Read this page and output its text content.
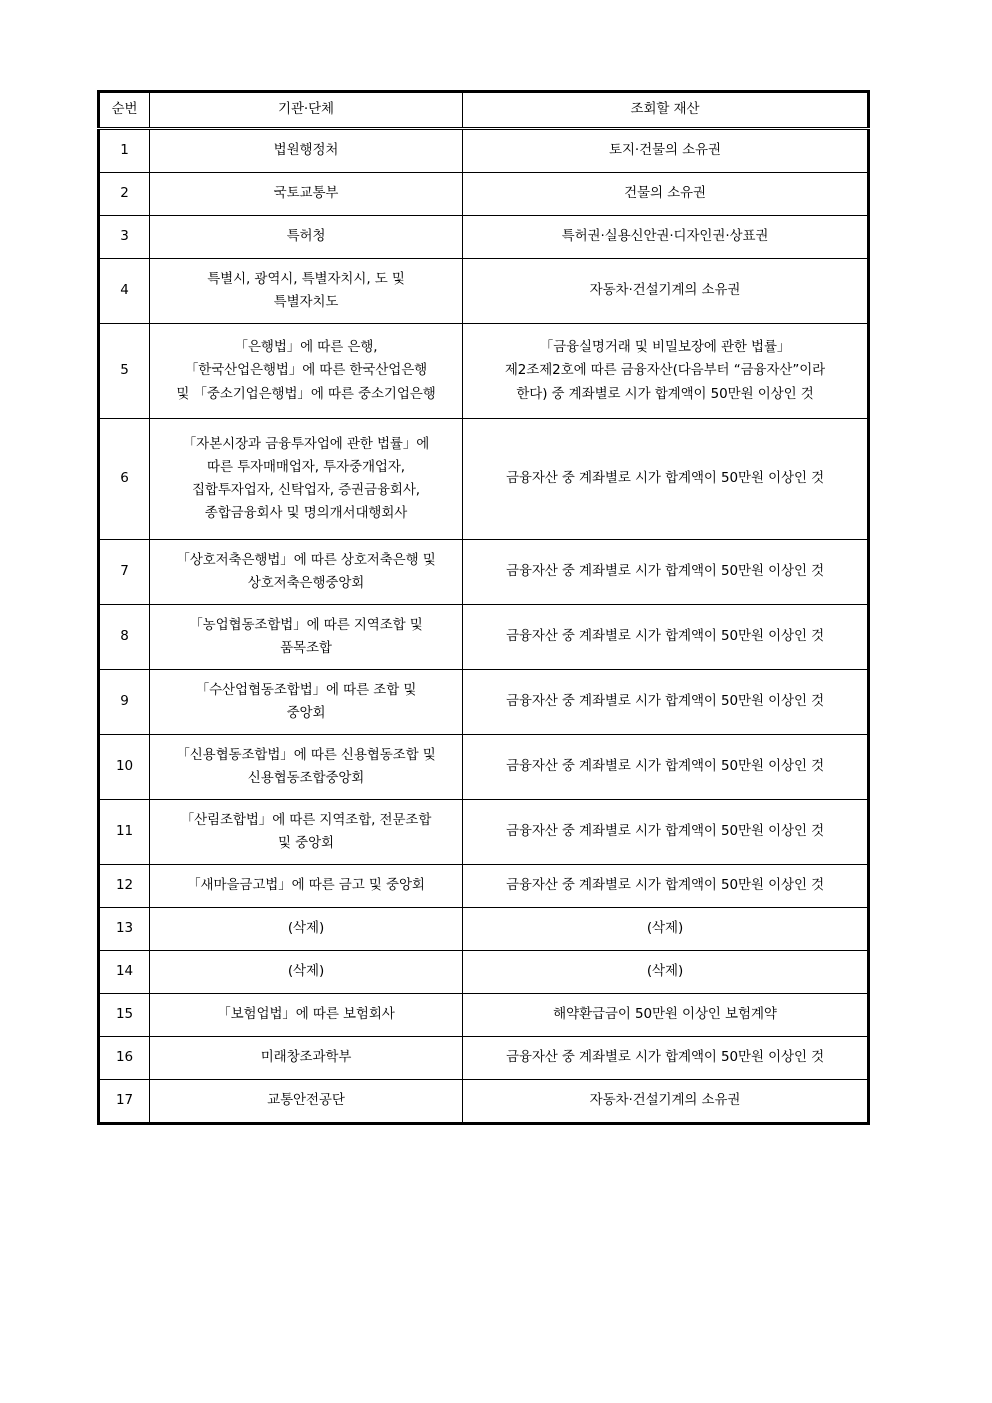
순번	기관·단체	조회할 재산
1	법원행정처	토지·건물의 소유권

2	국토교통부	건물의 소유권

3	특허청	특허권·실용신안권·디자인권·상표권

4	특별시, 광역시, 특별자치시, 도 및
특별자치도	자동차·건설기계의 소유권

5	「은행법」에 따른 은행,
「한국산업은행법」에 따른 한국산업은행
및 「중소기업은행법」에 따른 중소기업은행	「금융실명거래 및 비밀보장에 관한 법률」
제2조제2호에 따른 금융자산(다음부터 “금융자산”이라
한다) 중 계좌별로 시가 합계액이 50만원 이상인 것

6	「자본시장과 금융투자업에 관한 법률」에
따른 투자매매업자, 투자중개업자,
집합투자업자, 신탁업자, 증권금융회사,
종합금융회사 및 명의개서대행회사	금융자산 중 계좌별로 시가 합계액이 50만원 이상인 것

7	「상호저축은행법」에 따른 상호저축은행 및
상호저축은행중앙회	금융자산 중 계좌별로 시가 합계액이 50만원 이상인 것

8	「농업협동조합법」에 따른 지역조합 및
품목조합	금융자산 중 계좌별로 시가 합계액이 50만원 이상인 것

9	「수산업협동조합법」에 따른 조합 및
중앙회	금융자산 중 계좌별로 시가 합계액이 50만원 이상인 것

10	「신용협동조합법」에 따른 신용협동조합 및
신용협동조합중앙회	금융자산 중 계좌별로 시가 합계액이 50만원 이상인 것

11	「산림조합법」에 따른 지역조합, 전문조합
및 중앙회	금융자산 중 계좌별로 시가 합계액이 50만원 이상인 것

12	「새마을금고법」에 따른 금고 및 중앙회	금융자산 중 계좌별로 시가 합계액이 50만원 이상인 것

13	(삭제)	(삭제)

14	(삭제)	(삭제)

15	「보험업법」에 따른 보험회사	해약환급금이 50만원 이상인 보험계약

16	미래창조과학부	금융자산 중 계좌별로 시가 합계액이 50만원 이상인 것

17	교통안전공단	자동차·건설기계의 소유권
